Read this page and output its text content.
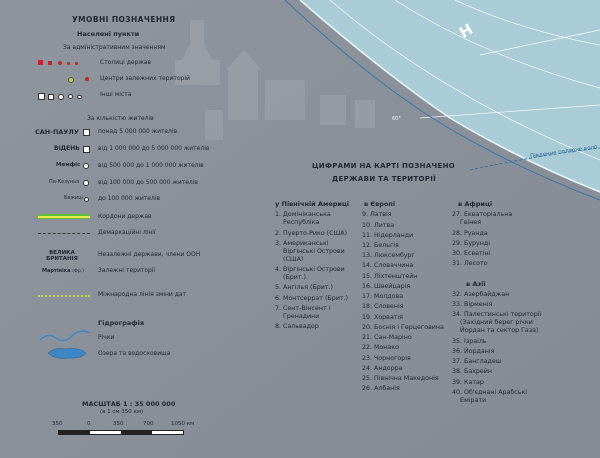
Н
60°
Південне полярне коло
УМОВНІ ПОЗНАЧЕННЯ
Населені пункти
За адміністративним значенням
Столиці держав
Центри залежних територій
Інші міста
За кількістю жителів
САН-ПАУЛУ	понад 5 000 000 жителів
ВІДЕНЬ	від 1 000 000 до 5 000 000 жителів
Мемфіс	від 500 000 до 1 000 000 жителів
Па-Козунья	від 100 000 до 500 000 жителів
Бажиш	до 100 000 жителів
Кордони держав
Демаркаційні лінії
ВЕЛИКА БРИТАНІЯ
Незалежні держави, члени ООН
Мартініка (Фр.) Залежні території
Міжнародна лінія зміни дат
Гідрографія
Річки
Озера та водосховища
МАСШТАБ 1 : 35 000 000
(в 1 см 350 км)
350	0	350	700	1050 км
ЦИФРАМИ НА КАРТІ ПОЗНАЧЕНО
ДЕРЖАВИ ТА ТЕРИТОРІЇ
у Північній Америці
1. Домініканська Республіка
2. Пуерто-Рико (США)
3. Американські Віргінські Острови (США)
4. Віргінські Острови (Брит.)
5. Ангілья (Брит.)
6. Монтсеррат (Брит.)
7. Сент-Вінсент і Гренадини
8. Сальвадор
в Європі
9. Латвія
10. Литва
11. Нідерланди
12. Бельгія
13. Люксембург
14. Словаччина
15. Ліхтенштейн
16. Швейцарія
17. Молдова
18. Словенія
19. Хорватія
20. Боснія і Герцеговина
21. Сан-Маріно
22. Монако
23. Чорногорія
24. Андорра
25. Північна Македонія
26. Албанія
в Африці
27. Екваторіальна Гвінея
28. Руанда
29. Бурунді
30. Есватіні
31. Лесото
в Азії
32. Азербайджан
33. Вірменія
34. Палестинські території (Західний берег річки Йордан та сектор Газа)
35. Ізраїль
36. Йорданія
37. Бангладеш
38. Бахрейн
39. Катар
40. Об'єднані Арабські Емірати
